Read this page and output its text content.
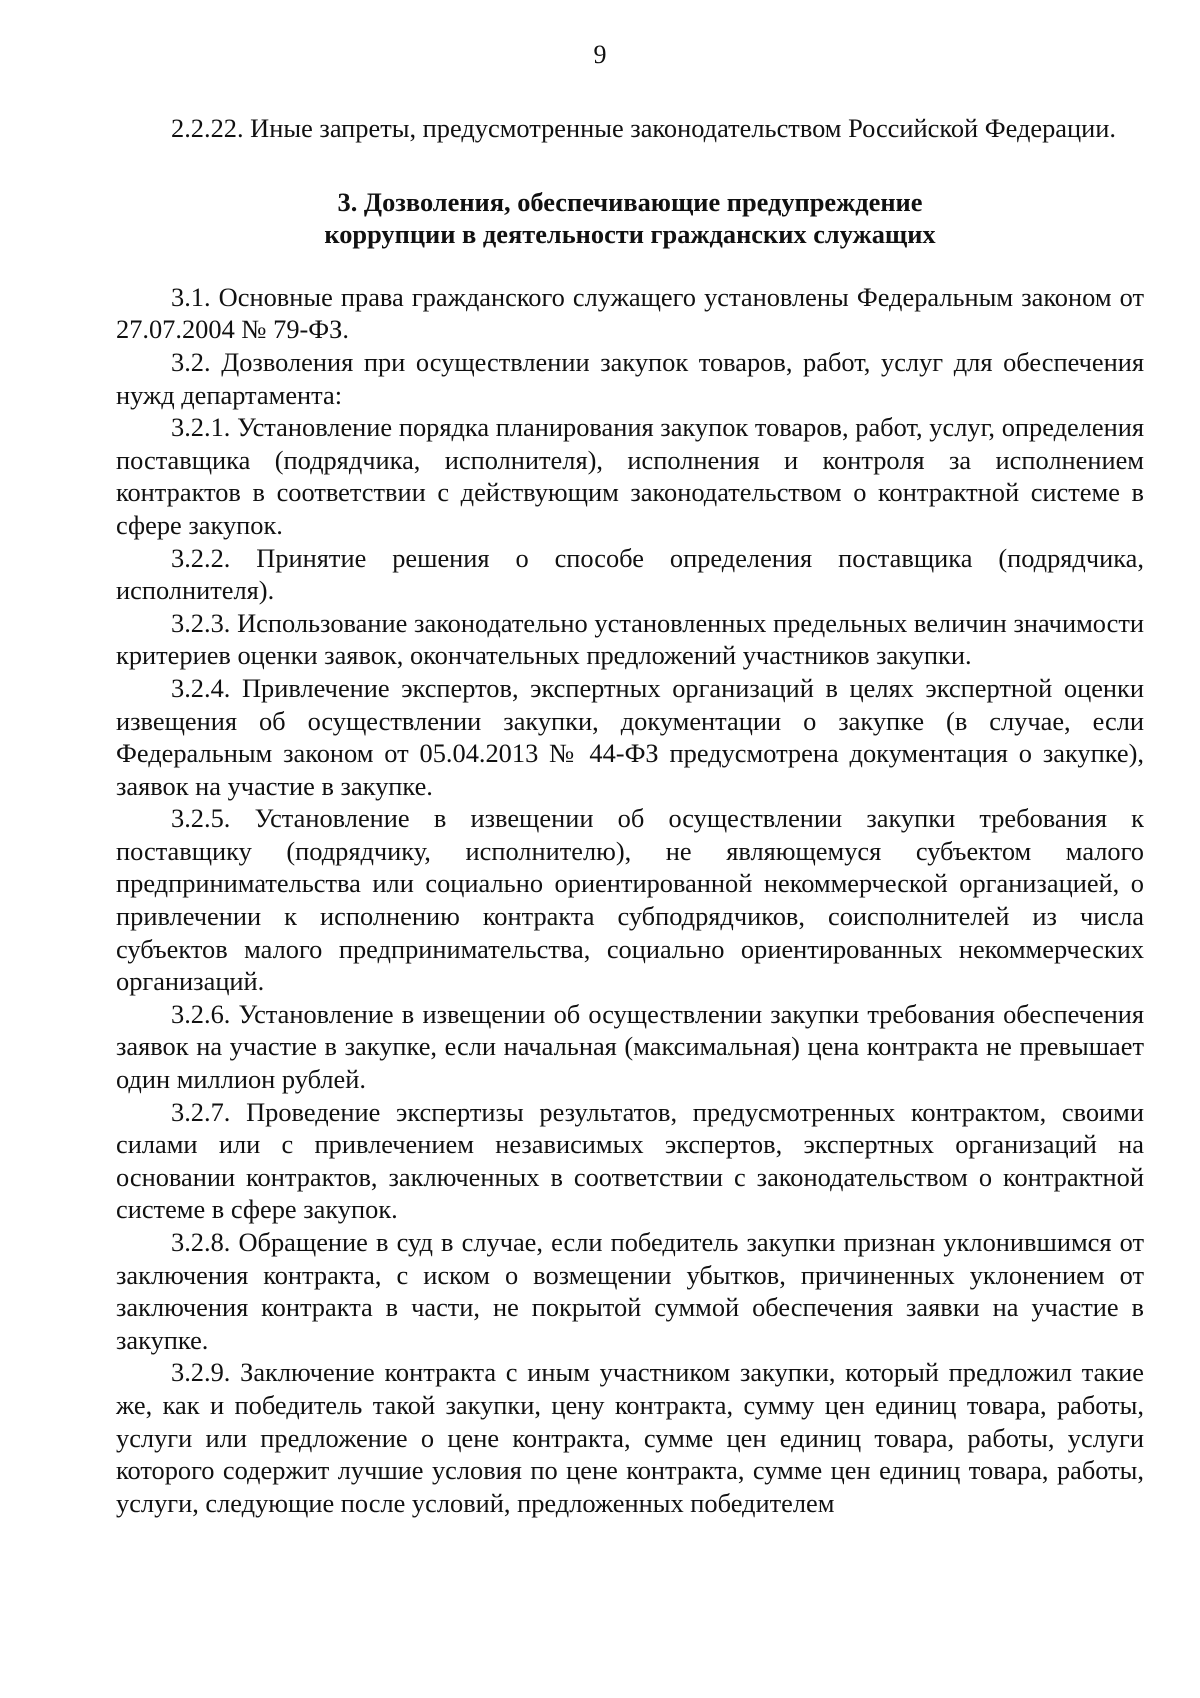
9

2.2.22. Иные запреты, предусмотренные законодательством Российской Федерации.

3. Дозволения, обеспечивающие предупреждение
коррупции в деятельности гражданских служащих

3.1. Основные права гражданского служащего установлены Федеральным законом от 27.07.2004 № 79-ФЗ.

3.2. Дозволения при осуществлении закупок товаров, работ, услуг для обеспечения нужд департамента:

3.2.1. Установление порядка планирования закупок товаров, работ, услуг, определения поставщика (подрядчика, исполнителя), исполнения и контроля за исполнением контрактов в соответствии с действующим законодательством о контрактной системе в сфере закупок.

3.2.2. Принятие решения о способе определения поставщика (подрядчика, исполнителя).

3.2.3. Использование законодательно установленных предельных величин значимости критериев оценки заявок, окончательных предложений участников закупки.

3.2.4. Привлечение экспертов, экспертных организаций в целях экспертной оценки извещения об осуществлении закупки, документации о закупке (в случае, если Федеральным законом от 05.04.2013 № 44-ФЗ предусмотрена документация о закупке), заявок на участие в закупке.

3.2.5. Установление в извещении об осуществлении закупки требования к поставщику (подрядчику, исполнителю), не являющемуся субъектом малого предпринимательства или социально ориентированной некоммерческой организацией, о привлечении к исполнению контракта субподрядчиков, соисполнителей из числа субъектов малого предпринимательства, социально ориентированных некоммерческих организаций.

3.2.6. Установление в извещении об осуществлении закупки требования обеспечения заявок на участие в закупке, если начальная (максимальная) цена контракта не превышает один миллион рублей.

3.2.7. Проведение экспертизы результатов, предусмотренных контрактом, своими силами или с привлечением независимых экспертов, экспертных организаций на основании контрактов, заключенных в соответствии с законодательством о контрактной системе в сфере закупок.

3.2.8. Обращение в суд в случае, если победитель закупки признан уклонившимся от заключения контракта, с иском о возмещении убытков, причиненных уклонением от заключения контракта в части, не покрытой суммой обеспечения заявки на участие в закупке.

3.2.9. Заключение контракта с иным участником закупки, который предложил такие же, как и победитель такой закупки, цену контракта, сумму цен единиц товара, работы, услуги или предложение о цене контракта, сумме цен единиц товара, работы, услуги которого содержит лучшие условия по цене контракта, сумме цен единиц товара, работы, услуги, следующие после условий, предложенных победителем
